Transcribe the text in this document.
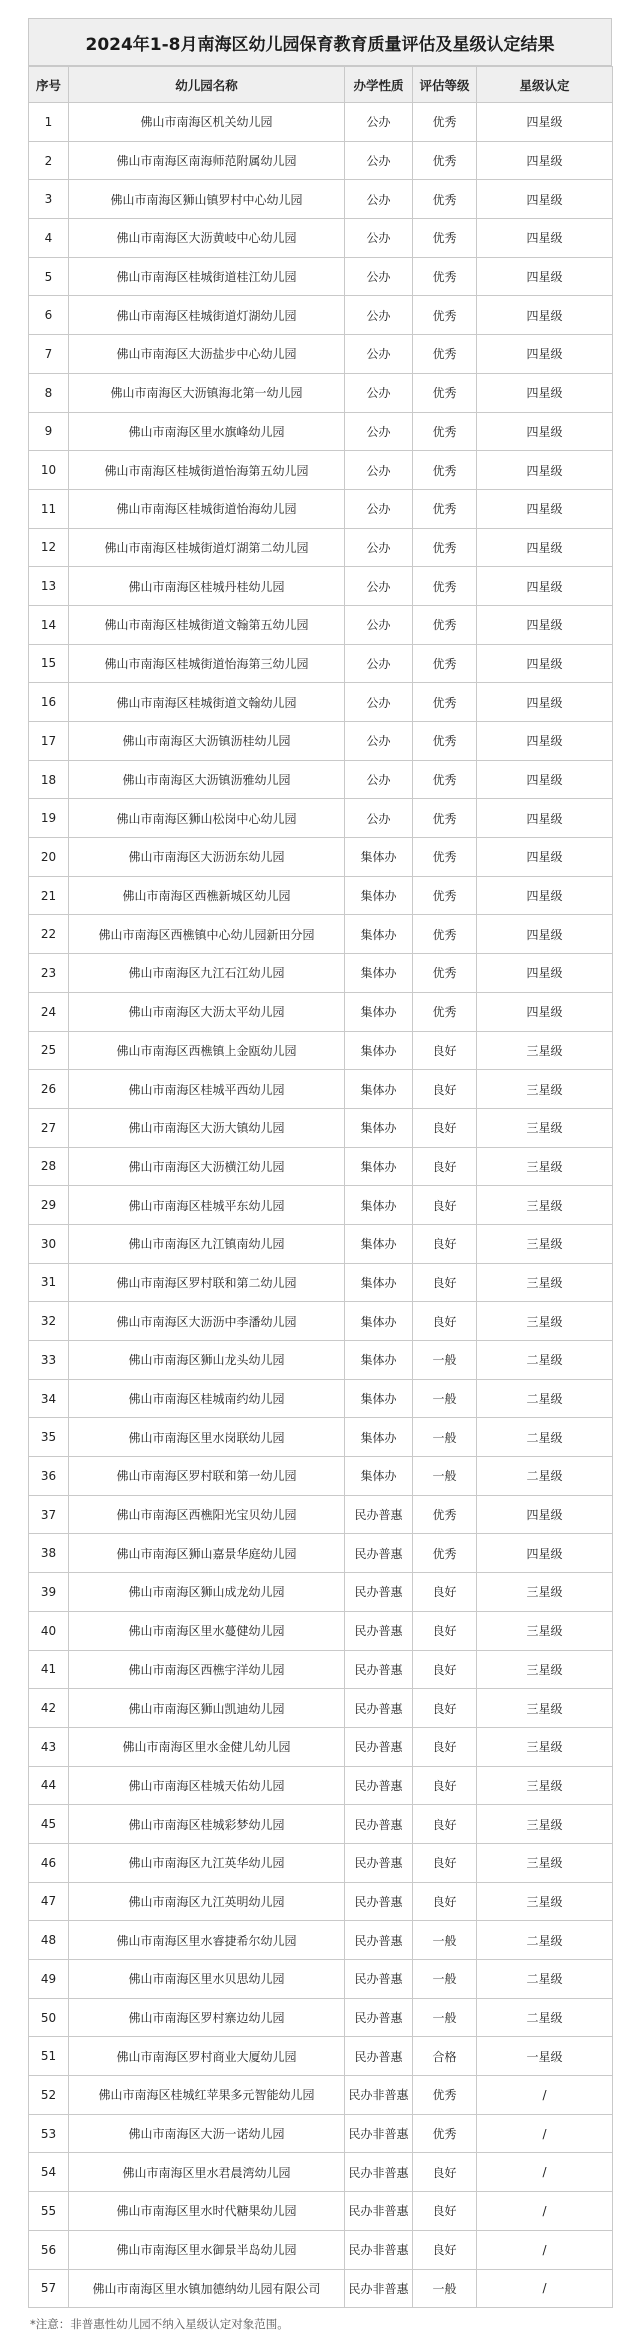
2024年1-8月南海区幼儿园保育教育质量评估及星级认定结果
序号	幼儿园名称	办学性质	评估等级	星级认定
1	佛山市南海区机关幼儿园	公办	优秀	四星级
2	佛山市南海区南海师范附属幼儿园	公办	优秀	四星级
3	佛山市南海区狮山镇罗村中心幼儿园	公办	优秀	四星级
4	佛山市南海区大沥黄岐中心幼儿园	公办	优秀	四星级
5	佛山市南海区桂城街道桂江幼儿园	公办	优秀	四星级
6	佛山市南海区桂城街道灯湖幼儿园	公办	优秀	四星级
7	佛山市南海区大沥盐步中心幼儿园	公办	优秀	四星级
8	佛山市南海区大沥镇海北第一幼儿园	公办	优秀	四星级
9	佛山市南海区里水旗峰幼儿园	公办	优秀	四星级
10	佛山市南海区桂城街道怡海第五幼儿园	公办	优秀	四星级
11	佛山市南海区桂城街道怡海幼儿园	公办	优秀	四星级
12	佛山市南海区桂城街道灯湖第二幼儿园	公办	优秀	四星级
13	佛山市南海区桂城丹桂幼儿园	公办	优秀	四星级
14	佛山市南海区桂城街道文翰第五幼儿园	公办	优秀	四星级
15	佛山市南海区桂城街道怡海第三幼儿园	公办	优秀	四星级
16	佛山市南海区桂城街道文翰幼儿园	公办	优秀	四星级
17	佛山市南海区大沥镇沥桂幼儿园	公办	优秀	四星级
18	佛山市南海区大沥镇沥雅幼儿园	公办	优秀	四星级
19	佛山市南海区狮山松岗中心幼儿园	公办	优秀	四星级
20	佛山市南海区大沥沥东幼儿园	集体办	优秀	四星级
21	佛山市南海区西樵新城区幼儿园	集体办	优秀	四星级
22	佛山市南海区西樵镇中心幼儿园新田分园	集体办	优秀	四星级
23	佛山市南海区九江石江幼儿园	集体办	优秀	四星级
24	佛山市南海区大沥太平幼儿园	集体办	优秀	四星级
25	佛山市南海区西樵镇上金瓯幼儿园	集体办	良好	三星级
26	佛山市南海区桂城平西幼儿园	集体办	良好	三星级
27	佛山市南海区大沥大镇幼儿园	集体办	良好	三星级
28	佛山市南海区大沥横江幼儿园	集体办	良好	三星级
29	佛山市南海区桂城平东幼儿园	集体办	良好	三星级
30	佛山市南海区九江镇南幼儿园	集体办	良好	三星级
31	佛山市南海区罗村联和第二幼儿园	集体办	良好	三星级
32	佛山市南海区大沥沥中李潘幼儿园	集体办	良好	三星级
33	佛山市南海区狮山龙头幼儿园	集体办	一般	二星级
34	佛山市南海区桂城南约幼儿园	集体办	一般	二星级
35	佛山市南海区里水岗联幼儿园	集体办	一般	二星级
36	佛山市南海区罗村联和第一幼儿园	集体办	一般	二星级
37	佛山市南海区西樵阳光宝贝幼儿园	民办普惠	优秀	四星级
38	佛山市南海区狮山嘉景华庭幼儿园	民办普惠	优秀	四星级
39	佛山市南海区狮山成龙幼儿园	民办普惠	良好	三星级
40	佛山市南海区里水蔓健幼儿园	民办普惠	良好	三星级
41	佛山市南海区西樵宇洋幼儿园	民办普惠	良好	三星级
42	佛山市南海区狮山凯迪幼儿园	民办普惠	良好	三星级
43	佛山市南海区里水金健儿幼儿园	民办普惠	良好	三星级
44	佛山市南海区桂城天佑幼儿园	民办普惠	良好	三星级
45	佛山市南海区桂城彩梦幼儿园	民办普惠	良好	三星级
46	佛山市南海区九江英华幼儿园	民办普惠	良好	三星级
47	佛山市南海区九江英明幼儿园	民办普惠	良好	三星级
48	佛山市南海区里水睿捷希尔幼儿园	民办普惠	一般	二星级
49	佛山市南海区里水贝思幼儿园	民办普惠	一般	二星级
50	佛山市南海区罗村寨边幼儿园	民办普惠	一般	二星级
51	佛山市南海区罗村商业大厦幼儿园	民办普惠	合格	一星级
52	佛山市南海区桂城红苹果多元智能幼儿园	民办非普惠	优秀	/
53	佛山市南海区大沥一诺幼儿园	民办非普惠	优秀	/
54	佛山市南海区里水君晨湾幼儿园	民办非普惠	良好	/
55	佛山市南海区里水时代糖果幼儿园	民办非普惠	良好	/
56	佛山市南海区里水御景半岛幼儿园	民办非普惠	良好	/
57	佛山市南海区里水镇加德纳幼儿园有限公司	民办非普惠	一般	/
*注意：非普惠性幼儿园不纳入星级认定对象范围。
